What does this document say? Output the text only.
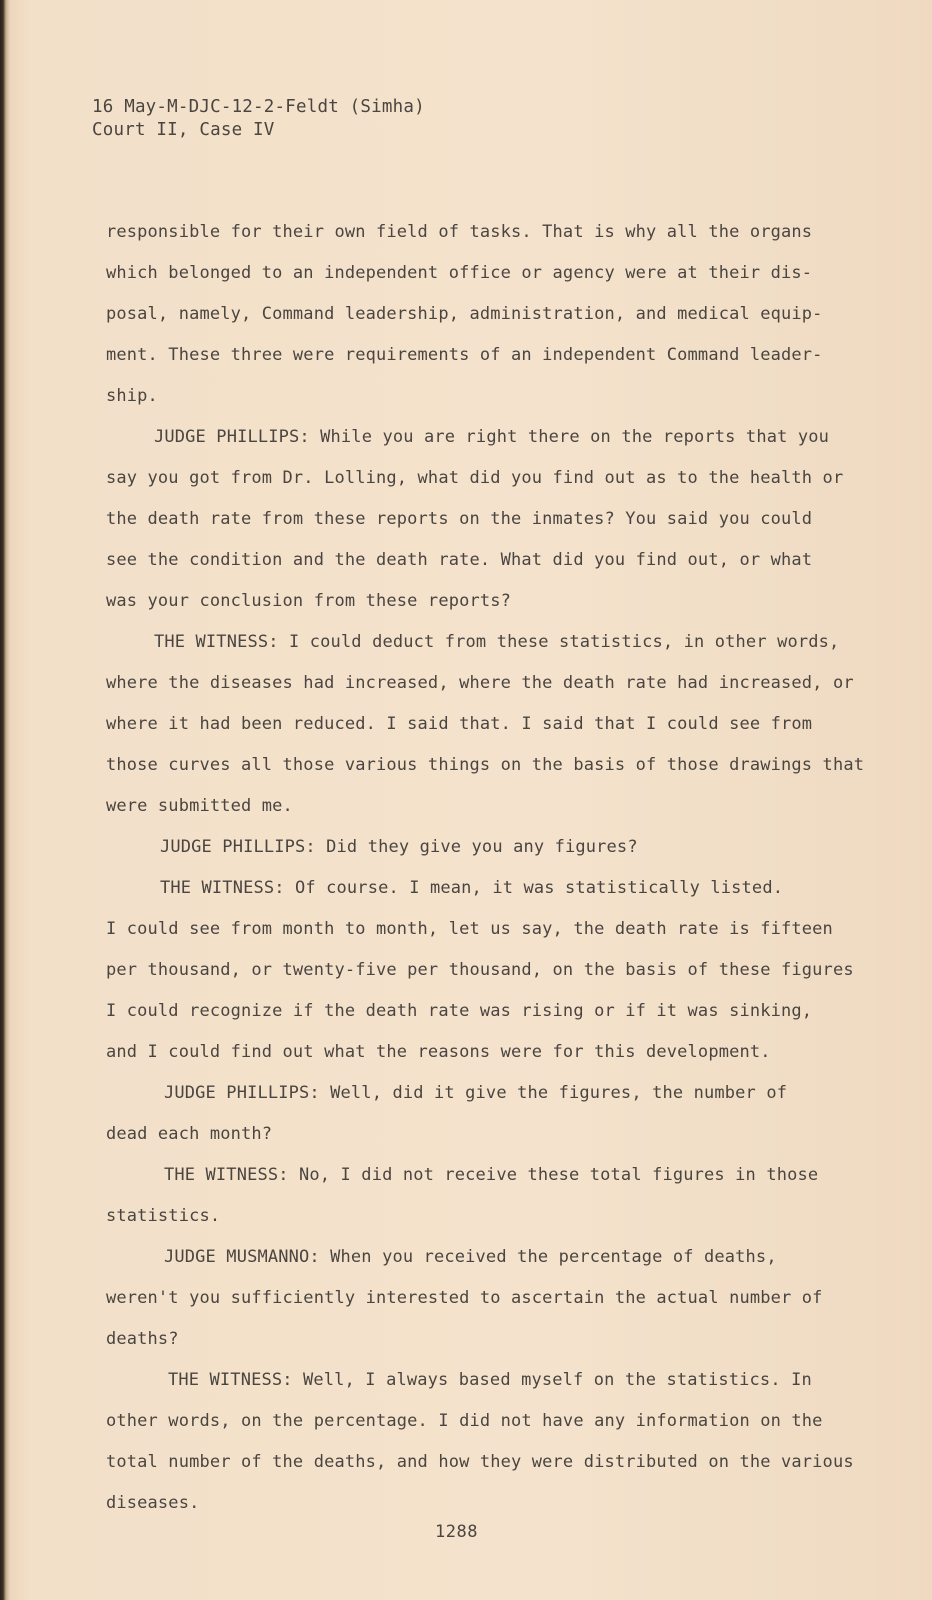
16 May-M-DJC-12-2-Feldt (Simha)
Court II, Case IV
responsible for their own field of tasks. That is why all the organs
which belonged to an independent office or agency were at their dis-
posal, namely, Command leadership, administration, and medical equip-
ment. These three were requirements of an independent Command leader-
ship.
JUDGE PHILLIPS: While you are right there on the reports that you
say you got from Dr. Lolling, what did you find out as to the health or
the death rate from these reports on the inmates? You said you could
see the condition and the death rate. What did you find out, or what
was your conclusion from these reports?
THE WITNESS: I could deduct from these statistics, in other words,
where the diseases had increased, where the death rate had increased, or
where it had been reduced. I said that. I said that I could see from
those curves all those various things on the basis of those drawings that
were submitted me.
JUDGE PHILLIPS: Did they give you any figures?
THE WITNESS: Of course. I mean, it was statistically listed.
I could see from month to month, let us say, the death rate is fifteen
per thousand, or twenty-five per thousand, on the basis of these figures
I could recognize if the death rate was rising or if it was sinking,
and I could find out what the reasons were for this development.
JUDGE PHILLIPS: Well, did it give the figures, the number of
dead each month?
THE WITNESS: No, I did not receive these total figures in those
statistics.
JUDGE MUSMANNO: When you received the percentage of deaths,
weren't you sufficiently interested to ascertain the actual number of
deaths?
THE WITNESS: Well, I always based myself on the statistics. In
other words, on the percentage. I did not have any information on the
total number of the deaths, and how they were distributed on the various
diseases.
1288
